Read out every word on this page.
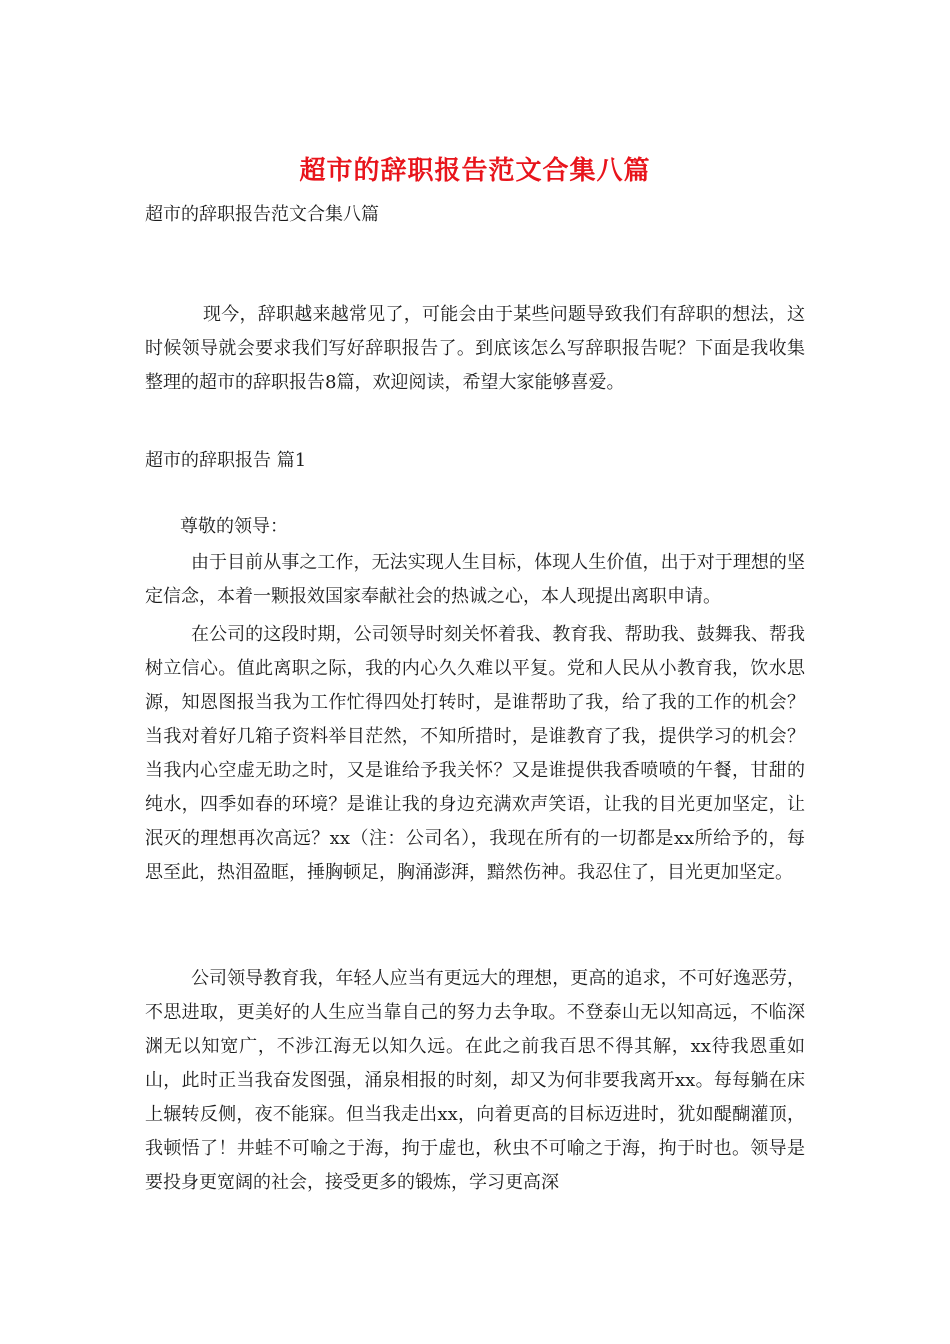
超市的辞职报告范文合集八篇
超市的辞职报告范文合集八篇
现今，辞职越来越常见了，可能会由于某些问题导致我们有辞职的想法，这时候领导就会要求我们写好辞职报告了。到底该怎么写辞职报告呢？下面是我收集整理的超市的辞职报告8篇，欢迎阅读，希望大家能够喜爱。
超市的辞职报告 篇1
尊敬的领导：
由于目前从事之工作，无法实现人生目标，体现人生价值，出于对于理想的坚定信念，本着一颗报效国家奉献社会的热诚之心，本人现提出离职申请。
在公司的这段时期，公司领导时刻关怀着我、教育我、帮助我、鼓舞我、帮我树立信心。值此离职之际，我的内心久久难以平复。党和人民从小教育我，饮水思源，知恩图报当我为工作忙得四处打转时，是谁帮助了我，给了我的工作的机会？当我对着好几箱子资料举目茫然，不知所措时，是谁教育了我，提供学习的机会？当我内心空虚无助之时，又是谁给予我关怀？又是谁提供我香喷喷的午餐，甘甜的纯水，四季如春的环境？是谁让我的身边充满欢声笑语，让我的目光更加坚定，让泯灭的理想再次高远？xx（注：公司名），我现在所有的一切都是xx所给予的，每思至此，热泪盈眶，捶胸顿足，胸涌澎湃，黯然伤神。我忍住了，目光更加坚定。
公司领导教育我，年轻人应当有更远大的理想，更高的追求，不可好逸恶劳，不思进取，更美好的人生应当靠自己的努力去争取。不登泰山无以知高远，不临深渊无以知宽广，不涉江海无以知久远。在此之前我百思不得其解，xx待我恩重如山，此时正当我奋发图强，涌泉相报的时刻，却又为何非要我离开xx。每每躺在床上辗转反侧，夜不能寐。但当我走出xx，向着更高的目标迈进时，犹如醍醐灌顶，我顿悟了！井蛙不可喻之于海，拘于虚也，秋虫不可喻之于海，拘于时也。领导是要投身更宽阔的社会，接受更多的锻炼，学习更高深
